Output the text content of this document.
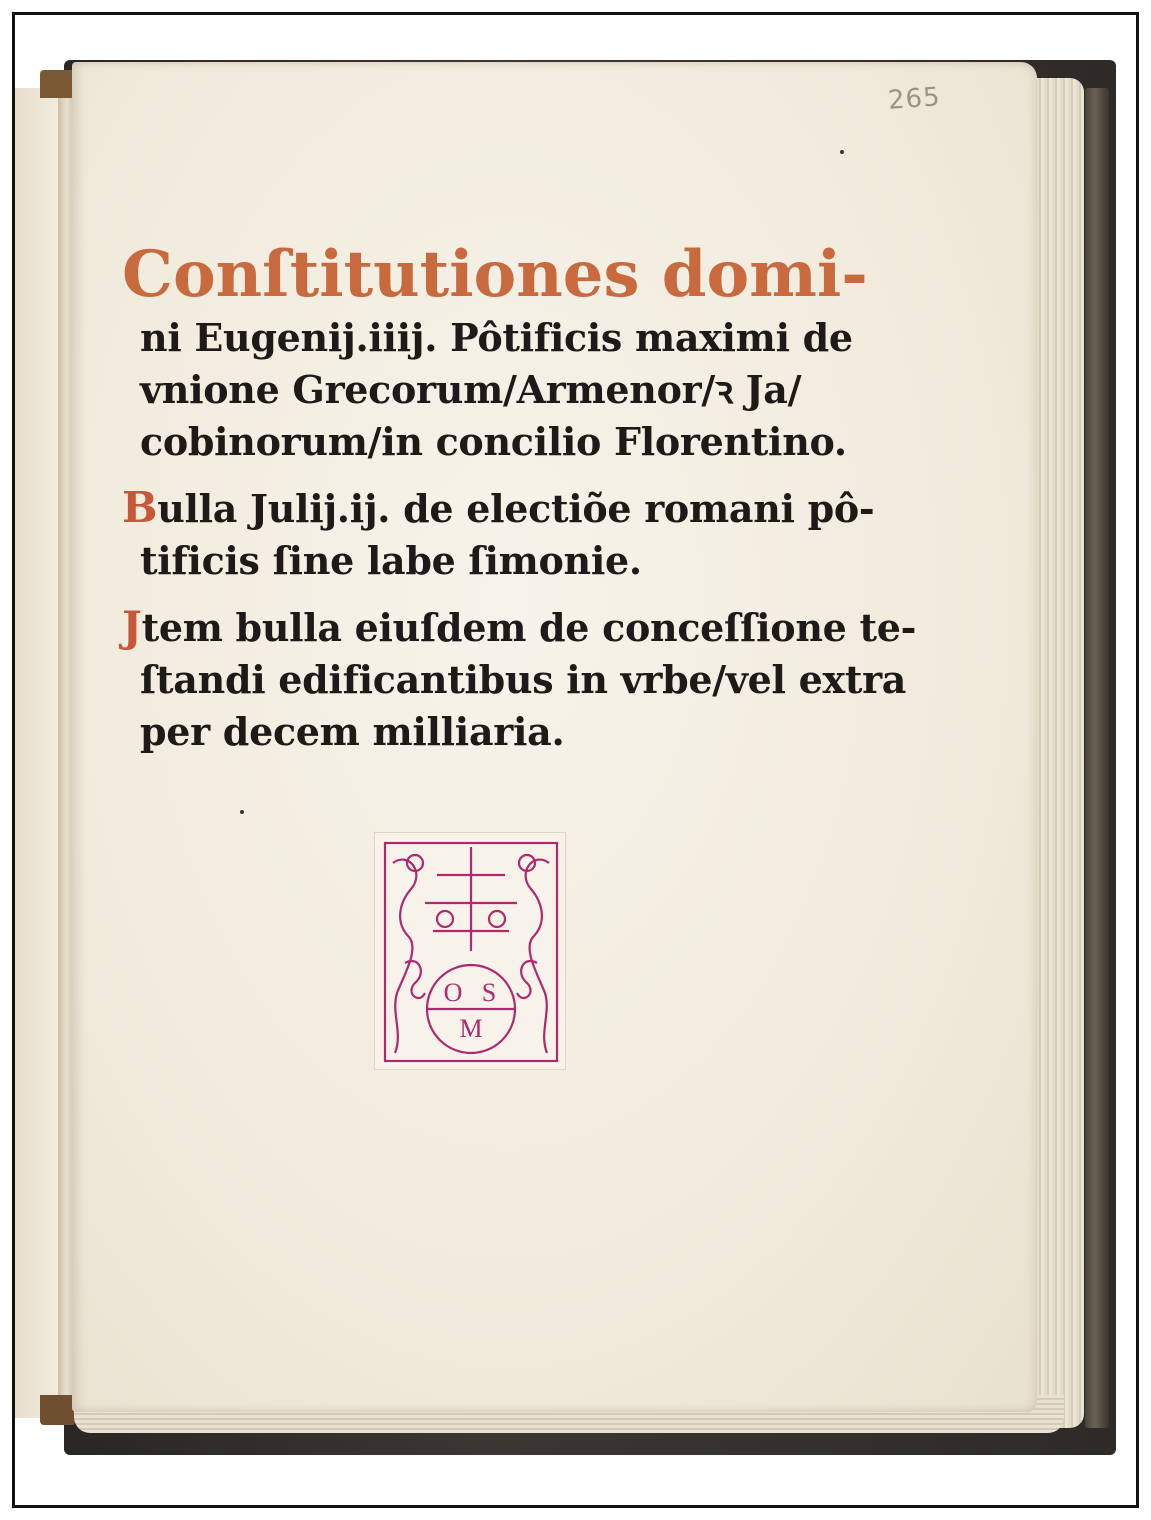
265
Conſtitutiones domi-
ni Eugenij.iiij. Pôtificis maximi de
vnione Grecorum/Armenor/ꝛ Ja/
cobinorum/in concilio Florentino.
Bulla Julij.ij. de electiõe romani pô-
tificis ſine labe ſimonie.
Jtem bulla eiuſdem de conceſſione te-
ſtandi edificantibus in vrbe/vel extra
per decem milliaria.
O S
M
